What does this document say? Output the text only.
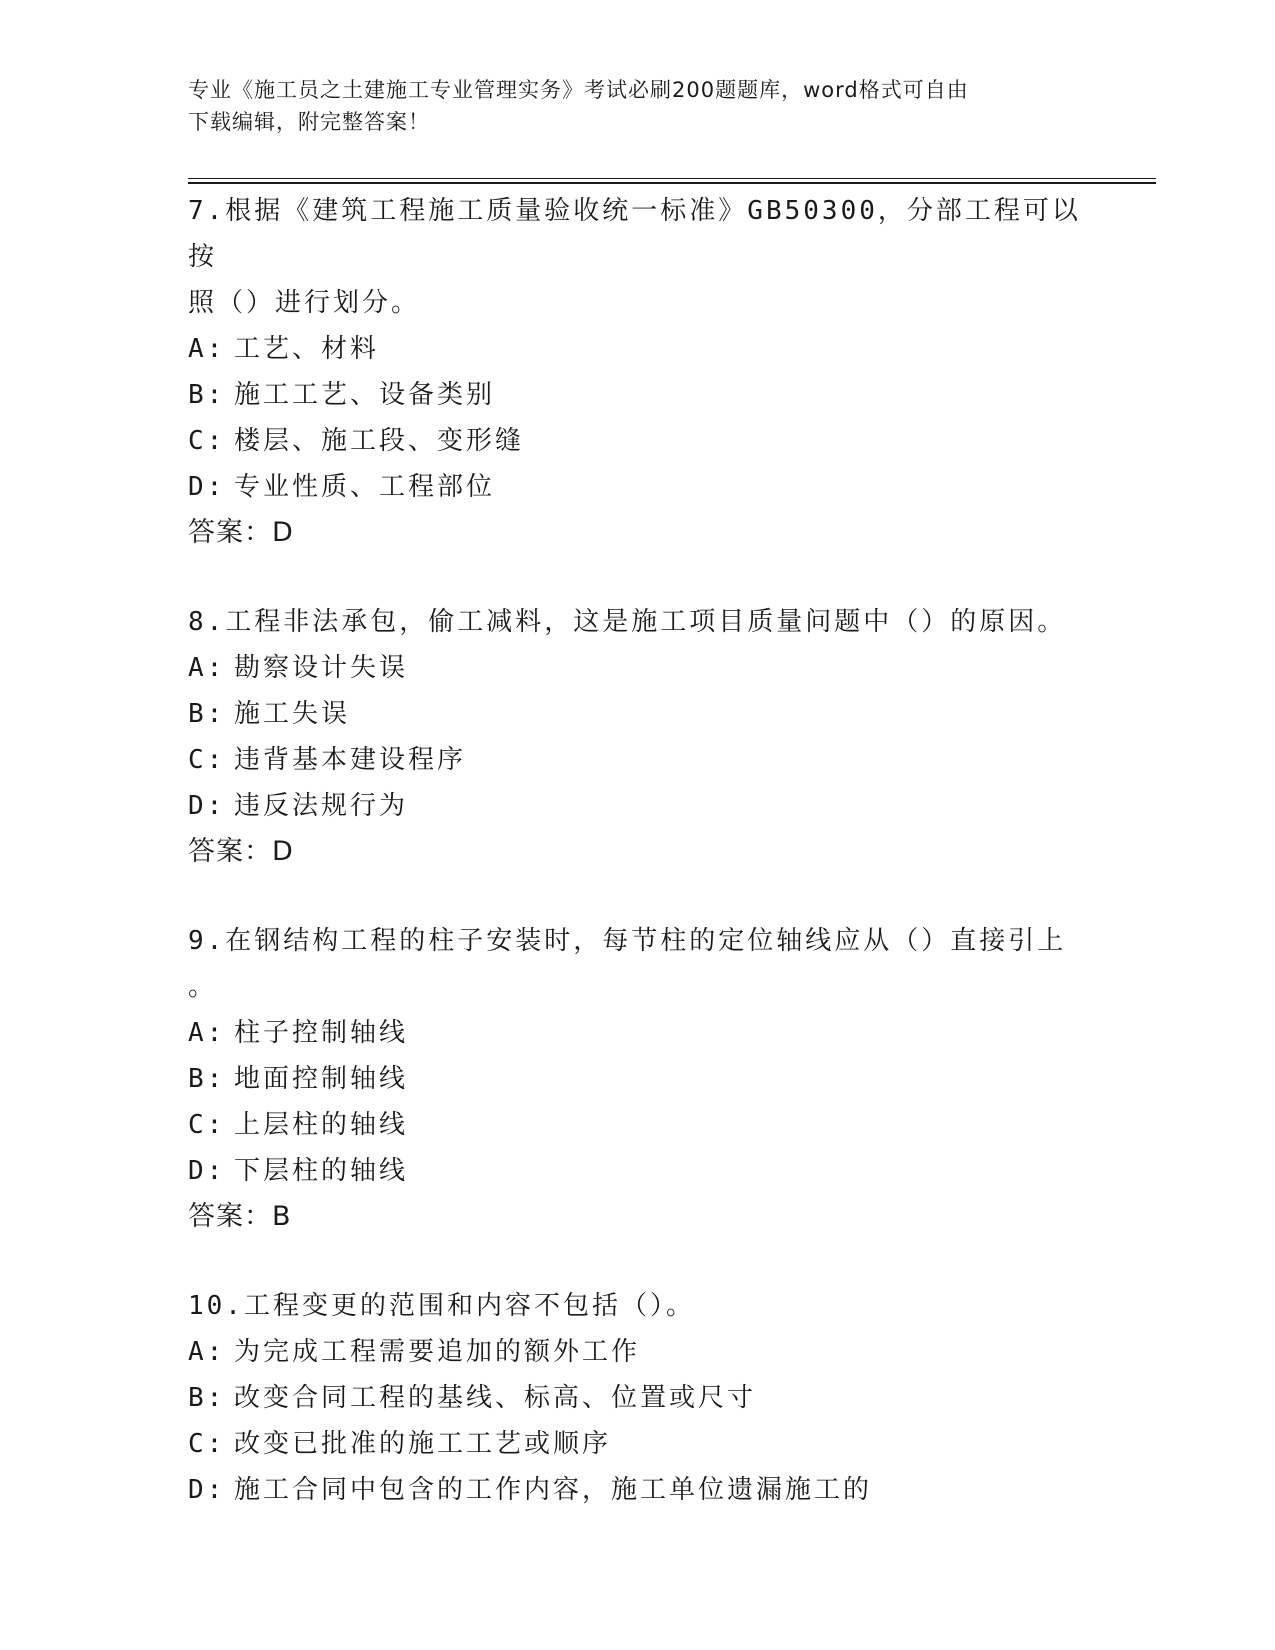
专业《施工员之土建施工专业管理实务》考试必刷200题题库，word格式可自由
下载编辑，附完整答案！

7.根据《建筑工程施工质量验收统一标准》GB50300，分部工程可以按

照（）进行划分。

A: 工艺、材料

B: 施工工艺、设备类别

C: 楼层、施工段、变形缝

D: 专业性质、工程部位

答案：D

8.工程非法承包，偷工减料，这是施工项目质量问题中（）的原因。

A: 勘察设计失误

B: 施工失误

C: 违背基本建设程序

D: 违反法规行为

答案：D

9.在钢结构工程的柱子安装时，每节柱的定位轴线应从（）直接引上

。

A: 柱子控制轴线

B: 地面控制轴线

C: 上层柱的轴线

D: 下层柱的轴线

答案：B

10.工程变更的范围和内容不包括（）。

A: 为完成工程需要追加的额外工作

B: 改变合同工程的基线、标高、位置或尺寸

C: 改变已批准的施工工艺或顺序

D: 施工合同中包含的工作内容，施工单位遗漏施工的
